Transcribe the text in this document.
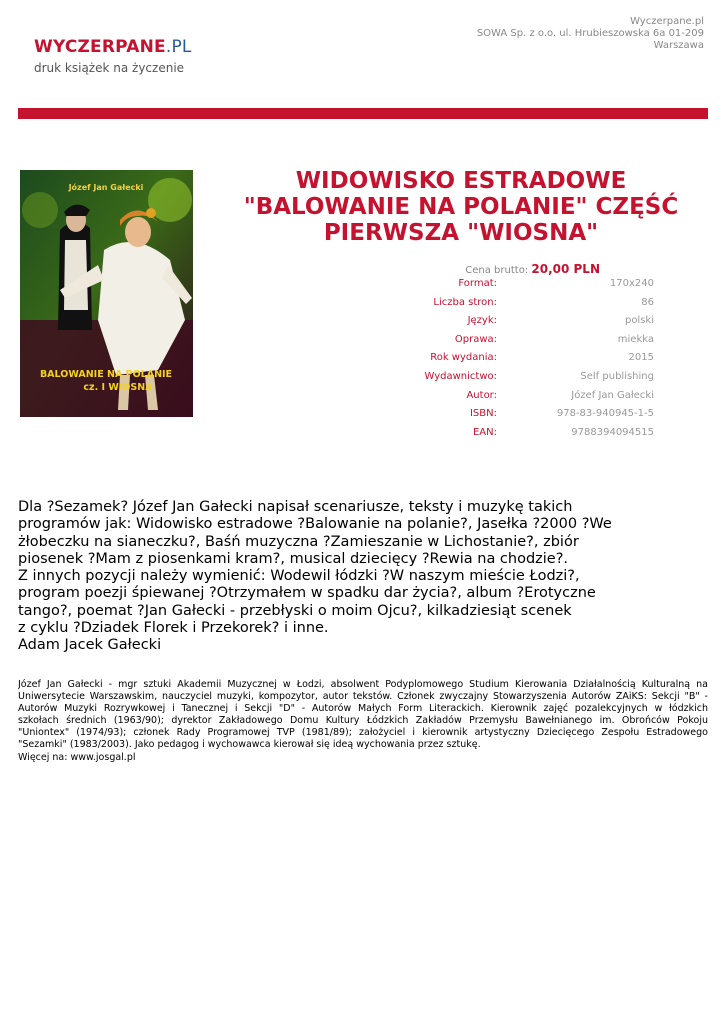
WYCZERPANE.PL
druk książek na życzenie
Wyczerpane.pl
SOWA Sp. z o.o. ul. Hrubieszowska 6a 01-209
Warszawa
Józef Jan Gałecki
BALOWANIE NA POLANIE
cz. I WIOSNA
WIDOWISKO ESTRADOWE "BALOWANIE NA POLANIE" CZĘŚĆ PIERWSZA "WIOSNA"
Cena brutto: 20,00 PLN
Format:	170x240
Liczba stron:	86
Język:	polski
Oprawa:	miekka
Rok wydania:	2015
Wydawnictwo:	Self publishing
Autor:	Józef Jan Gałecki
ISBN:	978-83-940945-1-5
EAN:	9788394094515
Dla ?Sezamek? Józef Jan Gałecki napisał scenariusze, teksty i muzykę takich
programów jak: Widowisko estradowe ?Balowanie na polanie?, Jasełka ?2000 ?We
żłobeczku na sianeczku?, Baśń muzyczna ?Zamieszanie w Lichostanie?, zbiór
piosenek ?Mam z piosenkami kram?, musical dziecięcy ?Rewia na chodzie?.
Z innych pozycji należy wymienić: Wodewil łódzki ?W naszym mieście Łodzi?,
program poezji śpiewanej ?Otrzymałem w spadku dar życia?, album ?Erotyczne
tango?, poemat ?Jan Gałecki - przebłyski o moim Ojcu?, kilkadziesiąt scenek
z cyklu ?Dziadek Florek i Przekorek? i inne.
Adam Jacek Gałecki
Józef Jan Gałecki - mgr sztuki Akademii Muzycznej w Łodzi, absolwent Podyplomowego Studium Kierowania Działalnością Kulturalną na
Uniwersytecie Warszawskim, nauczyciel muzyki, kompozytor, autor tekstów. Członek zwyczajny Stowarzyszenia Autorów ZAiKS: Sekcji "B" -
Autorów Muzyki Rozrywkowej i Tanecznej i Sekcji "D" - Autorów Małych Form Literackich. Kierownik zajęć pozalekcyjnych w łódzkich
szkołach średnich (1963/90); dyrektor Zakładowego Domu Kultury Łódzkich Zakładów Przemysłu Bawełnianego im. Obrońców Pokoju
"Uniontex" (1974/93); członek Rady Programowej TVP (1981/89); założyciel i kierownik artystyczny Dziecięcego Zespołu Estradowego
"Sezamki" (1983/2003). Jako pedagog i wychowawca kierował się ideą wychowania przez sztukę.
Więcej na: www.josgal.pl
